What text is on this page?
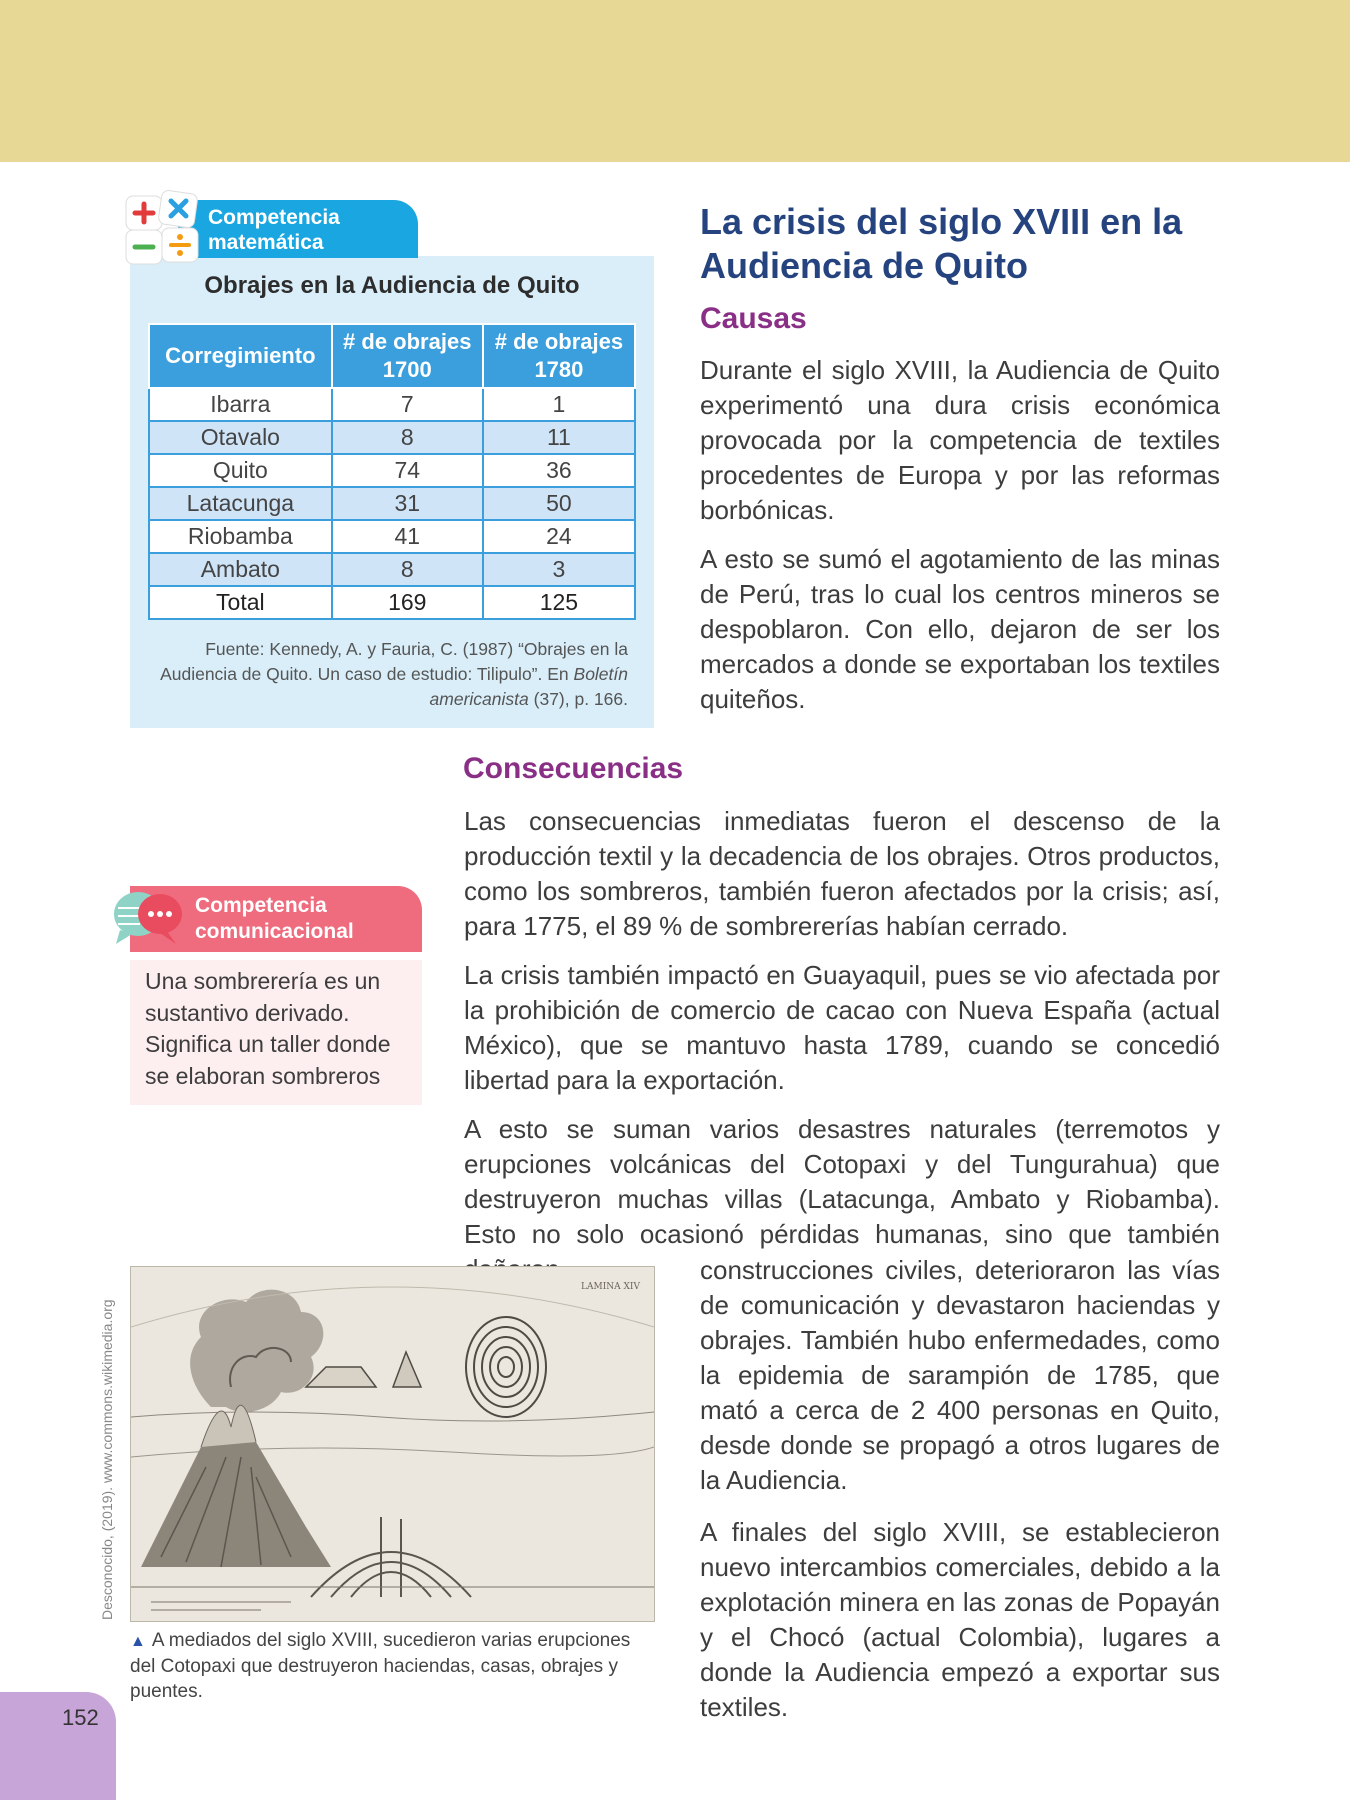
Competencia
matemática
Obrajes en la Audiencia de Quito
Corregimiento	# de obrajes 1700	# de obrajes 1780
Ibarra	7	1
Otavalo	8	11
Quito	74	36
Latacunga	31	50
Riobamba	41	24
Ambato	8	3
Total	169	125
Fuente: Kennedy, A. y Fauria, C. (1987) “Obrajes en la Audiencia de Quito. Un caso de estudio: Tilipulo”. En Boletín americanista (37), p. 166.
La crisis del siglo XVIII en la Audiencia de Quito
Causas

Durante el siglo XVIII, la Audiencia de Quito experimentó una dura crisis económica provocada por la competencia de textiles procedentes de Europa y por las reformas borbónicas.

A esto se sumó el agotamiento de las minas de Perú, tras lo cual los centros mineros se despoblaron. Con ello, dejaron de ser los mercados a donde se exportaban los textiles quiteños.

Consecuencias

Las consecuencias inmediatas fueron el descenso de la producción textil y la decadencia de los obrajes. Otros productos, como los sombreros, también fueron afectados por la crisis; así, para 1775, el 89 % de sombrererías habían cerrado.

La crisis también impactó en Guayaquil, pues se vio afectada por la prohibición de comercio de cacao con Nueva España (actual México), que se mantuvo hasta 1789, cuando se concedió libertad para la exportación.

A esto se suman varios desastres naturales (terremotos y erupciones volcánicas del Cotopaxi y del Tungurahua) que destruyeron muchas villas (Latacunga, Ambato y Riobamba). Esto no solo ocasionó pérdidas humanas, sino que también

construcciones civiles, deterioraron las vías de comunicación y devastaron haciendas y obrajes. También hubo enfermedades, como la epidemia de sarampión de 1785, que mató a cerca de 2 400 personas en Quito, desde donde se propagó a otros lugares de la Audiencia.

A finales del siglo XVIII, se establecieron nuevo intercambios comerciales, debido a la explotación minera en las zonas de Popayán y el Chocó (actual Colombia), lugares a donde la Audiencia empezó a exportar sus textiles.

Competencia
comunicacional
Una sombrerería es un sustantivo derivado. Significa un taller donde se elaboran sombreros
LAMINA XIV
Desconocido, (2019). www.commons.wikimedia.org
▲ A mediados del siglo XVIII, sucedieron varias erupciones del Cotopaxi que destruyeron haciendas, casas, obrajes y puentes.
152
